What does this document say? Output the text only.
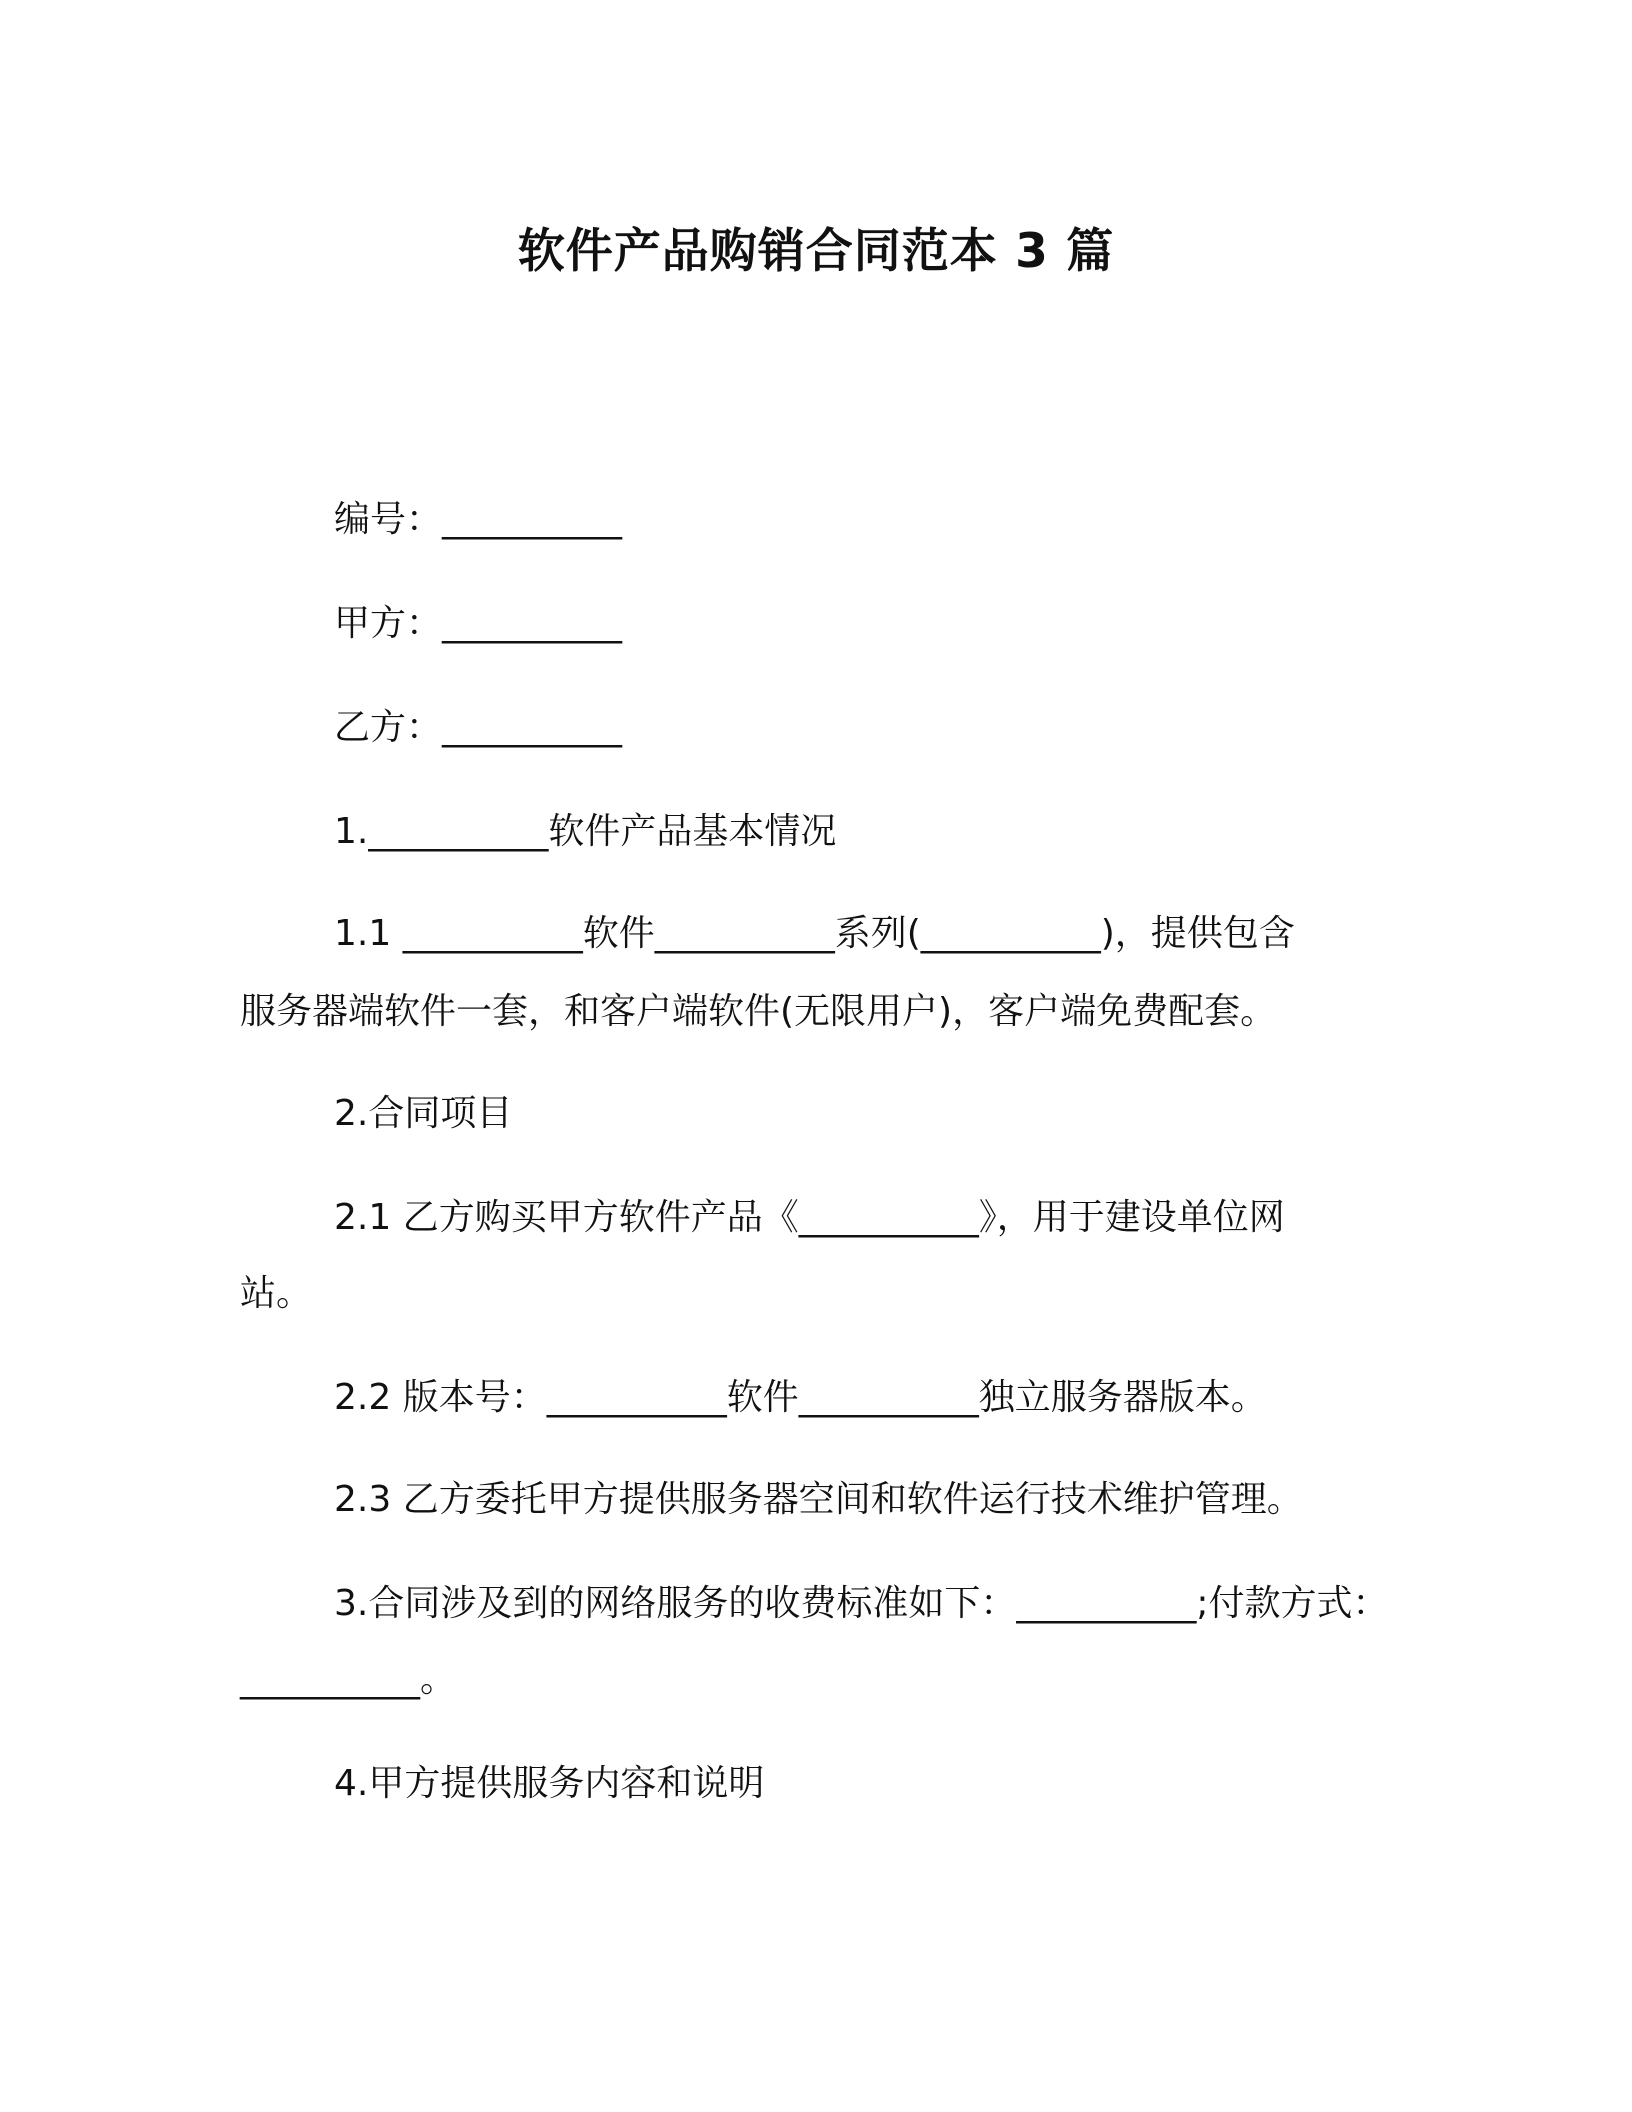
软件产品购销合同范本 3 篇
编号：__________
甲方：__________
乙方：__________
1.__________软件产品基本情况
1.1 __________软件__________系列(__________)，提供包含
服务器端软件一套，和客户端软件(无限用户)，客户端免费配套。
2.合同项目
2.1 乙方购买甲方软件产品《__________》，用于建设单位网
站。
2.2 版本号：__________软件__________独立服务器版本。
2.3 乙方委托甲方提供服务器空间和软件运行技术维护管理。
3.合同涉及到的网络服务的收费标准如下：__________;付款方式：
__________。
4.甲方提供服务内容和说明
